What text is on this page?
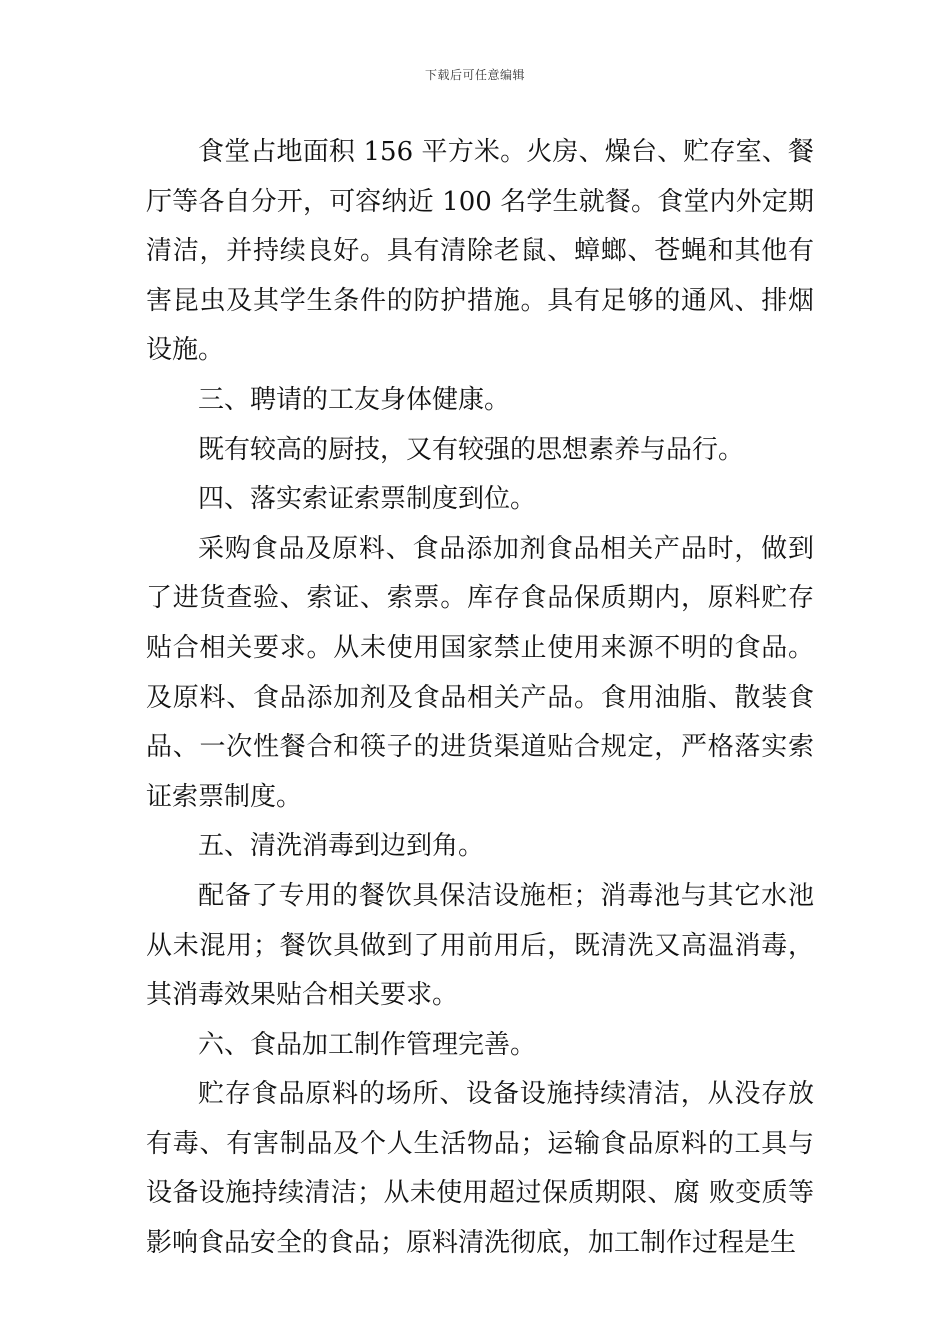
下载后可任意编辑

食堂占地面积 156 平方米。火房、燥台、贮存室、餐厅等各自分开，可容纳近 100 名学生就餐。食堂内外定期清洁，并持续良好。具有清除老鼠、蟑螂、苍蝇和其他有害昆虫及其学生条件的防护措施。具有足够的通风、排烟设施。

三、聘请的工友身体健康。

既有较高的厨技，又有较强的思想素养与品行。

四、落实索证索票制度到位。

采购食品及原料、食品添加剂食品相关产品时，做到了进货查验、索证、索票。库存食品保质期内，原料贮存贴合相关要求。从未使用国家禁止使用来源不明的食品。及原料、食品添加剂及食品相关产品。食用油脂、散装食品、一次性餐合和筷子的进货渠道贴合规定，严格落实索证索票制度。

五、清洗消毒到边到角。

配备了专用的餐饮具保洁设施柜；消毒池与其它水池从未混用；餐饮具做到了用前用后，既清洗又高温消毒，其消毒效果贴合相关要求。

六、食品加工制作管理完善。

贮存食品原料的场所、设备设施持续清洁，从没存放有毒、有害制品及个人生活物品；运输食品原料的工具与设备设施持续清洁；从未使用超过保质期限、腐 败变质等影响食品安全的食品；原料清洗彻底，加工制作过程是生
